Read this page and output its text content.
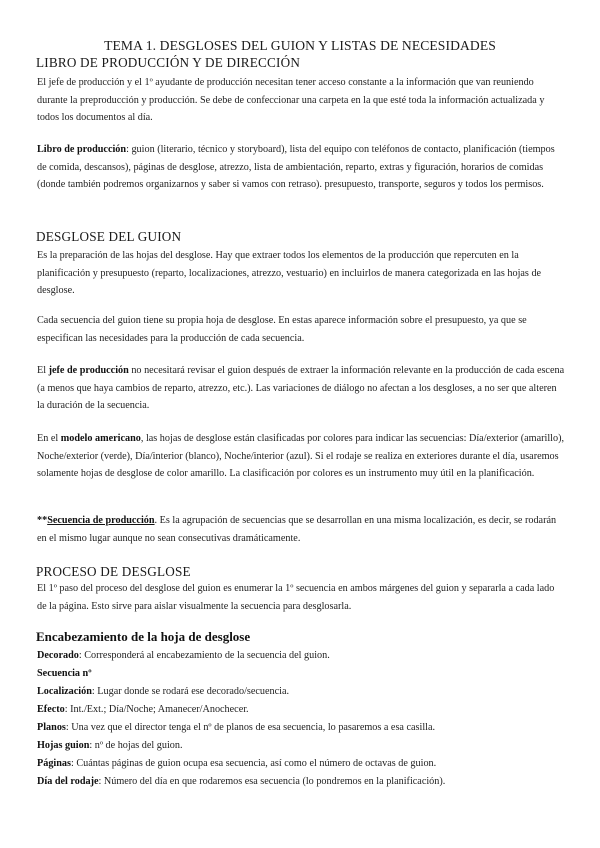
TEMA 1. DESGLOSES DEL GUION Y LISTAS DE NECESIDADES
LIBRO DE PRODUCCIÓN Y DE DIRECCIÓN

El jefe de producción y el 1º ayudante de producción necesitan tener acceso constante a la información que van reuniendo durante la preproducción y producción. Se debe de confeccionar una carpeta en la que esté toda la información actualizada y todos los documentos al día.

Libro de producción: guion (literario, técnico y storyboard), lista del equipo con teléfonos de contacto, planificación (tiempos de comida, descansos), páginas de desglose, atrezzo, lista de ambientación, reparto, extras y figuración, horarios de comidas (donde también podremos organizarnos y saber si vamos con retraso). presupuesto, transporte, seguros y todos los permisos.

DESGLOSE DEL GUION

Es la preparación de las hojas del desglose. Hay que extraer todos los elementos de la producción que repercuten en la planificación y presupuesto (reparto, localizaciones, atrezzo, vestuario) en incluirlos de manera categorizada en las hojas de desglose.

Cada secuencia del guion tiene su propia hoja de desglose. En estas aparece información sobre el presupuesto, ya que se especifican las necesidades para la producción de cada secuencia.

El jefe de producción no necesitará revisar el guion después de extraer la información relevante en la producción de cada escena (a menos que haya cambios de reparto, atrezzo, etc.). Las variaciones de diálogo no afectan a los desgloses, a no ser que alteren la duración de la secuencia.

En el modelo americano, las hojas de desglose están clasificadas por colores para indicar las secuencias: Día/exterior (amarillo), Noche/exterior (verde), Día/interior (blanco), Noche/interior (azul). Si el rodaje se realiza en exteriores durante el día, usaremos solamente hojas de desglose de color amarillo. La clasificación por colores es un instrumento muy útil en la planificación.

**Secuencia de producción. Es la agrupación de secuencias que se desarrollan en una misma localización, es decir, se rodarán en el mismo lugar aunque no sean consecutivas dramáticamente.

PROCESO DE DESGLOSE

El 1º paso del proceso del desglose del guion es enumerar la 1º secuencia en ambos márgenes del guion y separarla a cada lado de la página. Esto sirve para aislar visualmente la secuencia para desglosarla.

Encabezamiento de la hoja de desglose
Decorado: Corresponderá al encabezamiento de la secuencia del guion.
Secuencia nº
Localización: Lugar donde se rodará ese decorado/secuencia.
Efecto: Int./Ext.; Día/Noche; Amanecer/Anochecer.
Planos: Una vez que el director tenga el nº de planos de esa secuencia, lo pasaremos a esa casilla.
Hojas guion: nº de hojas del guion.
Páginas: Cuántas páginas de guion ocupa esa secuencia, así como el número de octavas de guion.
Día del rodaje: Número del día en que rodaremos esa secuencia (lo pondremos en la planificación).
